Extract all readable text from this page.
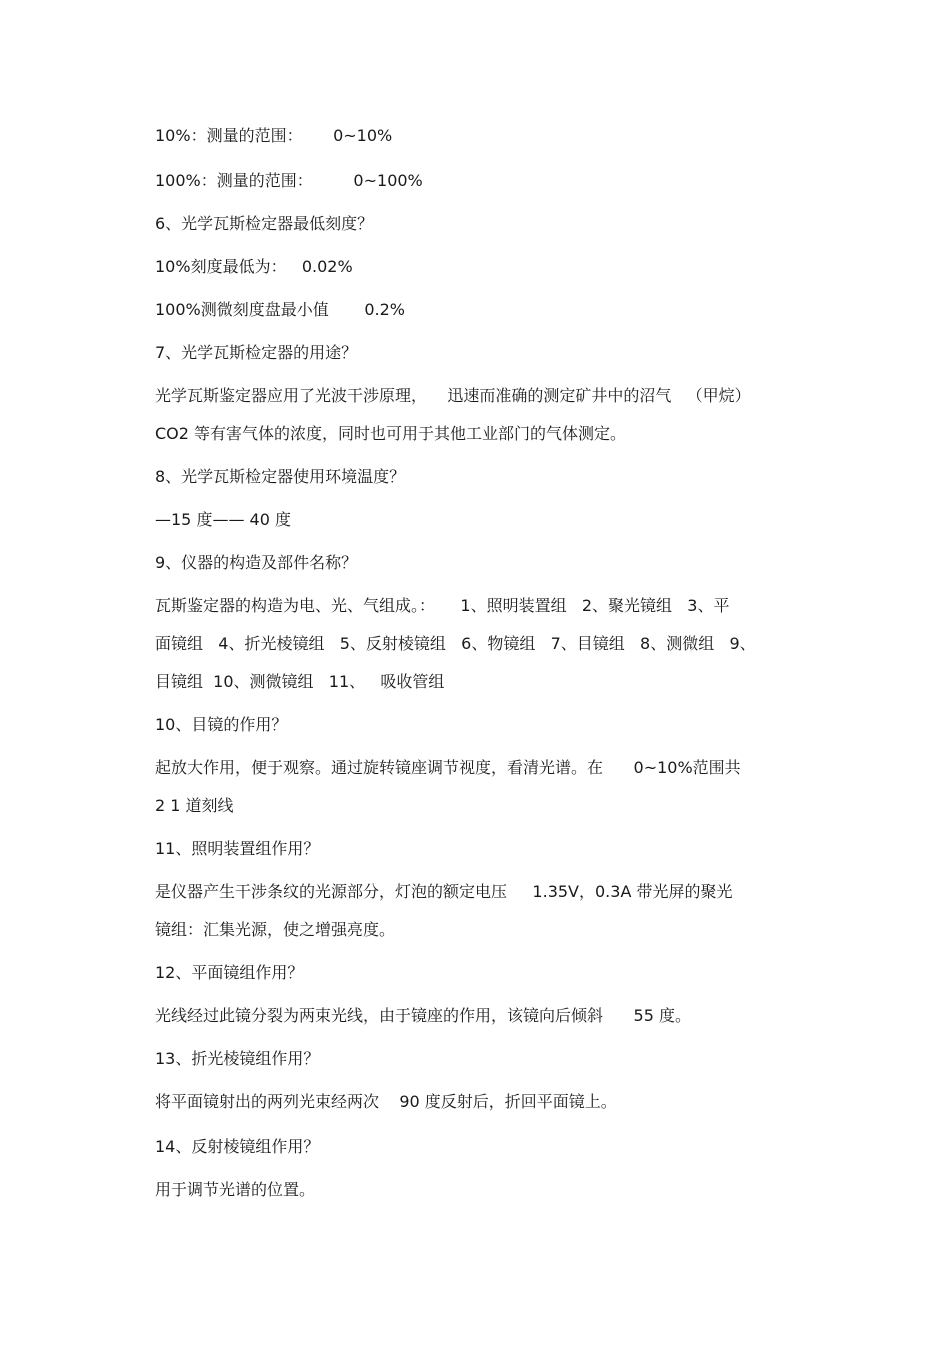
10%：测量的范围：      0~10%
100%：测量的范围：        0~100%
6、光学瓦斯检定器最低刻度？
10%刻度最低为：   0.02%
100%测微刻度盘最小值       0.2%
7、光学瓦斯检定器的用途？
光学瓦斯鉴定器应用了光波干涉原理，    迅速而准确的测定矿井中的沼气   （甲烷）
CO2 等有害气体的浓度，同时也可用于其他工业部门的气体测定。
8、光学瓦斯检定器使用环境温度？
—15 度—— 40 度
9、仪器的构造及部件名称？
瓦斯鉴定器的构造为电、光、气组成。：     1、照明装置组   2、聚光镜组   3、平
面镜组   4、折光棱镜组   5、反射棱镜组   6、物镜组   7、目镜组   8、测微组   9、
目镜组  10、测微镜组   11、   吸收管组
10、目镜的作用？
起放大作用，便于观察。通过旋转镜座调节视度，看清光谱。在      0~10%范围共
2 1 道刻线
11、照明装置组作用？
是仪器产生干涉条纹的光源部分，灯泡的额定电压     1.35V，0.3A 带光屏的聚光
镜组：汇集光源，使之增强亮度。
12、平面镜组作用？
光线经过此镜分裂为两束光线，由于镜座的作用，该镜向后倾斜      55 度。
13、折光棱镜组作用？
将平面镜射出的两列光束经两次    90 度反射后，折回平面镜上。
14、反射棱镜组作用？
用于调节光谱的位置。
